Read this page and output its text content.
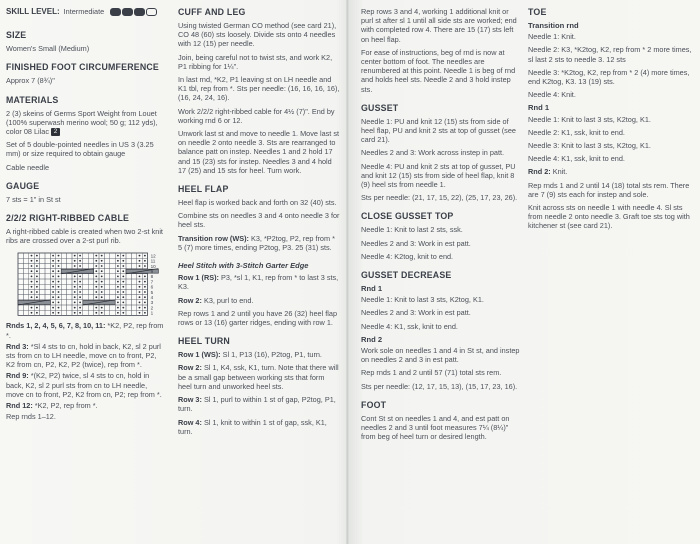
SKILL LEVEL: Intermediate
SIZE

Women's Small (Medium)

FINISHED FOOT CIRCUMFERENCE

Approx 7 (8¾)"

MATERIALS

2 (3) skeins of Germs Sport Weight from Louet (100% superwash merino wool; 50 g; 112 yds), color 08 Lilac 2

Set of 5 double-pointed needles in US 3 (3.25 mm) or size required to obtain gauge

Cable needle

GAUGE

7 sts = 1" in St st

2/2/2 RIGHT-RIBBED CABLE

A right-ribbed cable is created when two 2-st knit ribs are crossed over a 2-st purl rib.

12
11
10
9
8
7
6
5
4
3
2
1

Rnds 1, 2, 4, 5, 6, 7, 8, 10, 11: *K2, P2, rep from *.

Rnd 3: *Sl 4 sts to cn, hold in back, K2, sl 2 purl sts from cn to LH needle, move cn to front, P2, K2 from cn, P2, K2, P2 (twice), rep from *.

Rnd 9: *(K2, P2) twice, sl 4 sts to cn, hold in back, K2, sl 2 purl sts from cn to LH needle, move cn to front, P2, K2 from cn, P2; rep from *.

Rnd 12: *K2, P2, rep from *.

Rep rnds 1–12.

CUFF AND LEG

Using twisted German CO method (see card 21), CO 48 (60) sts loosely. Divide sts onto 4 needles with 12 (15) per needle.

Join, being careful not to twist sts, and work K2, P1 ribbing for 1¼".

In last rnd, *K2, P1 leaving st on LH needle and K1 tbl, rep from *. Sts per needle: (16, 16, 16, 16), (16, 24, 24, 16).

Work 2/2/2 right-ribbed cable for 4½ (7)". End by working rnd 6 or 12.

Unwork last st and move to needle 1. Move last st on needle 2 onto needle 3. Sts are rearranged to balance patt on instep. Needles 1 and 2 hold 17 and 15 (23) sts for instep. Needles 3 and 4 hold 17 (25) and 15 sts for heel. Turn work.

HEEL FLAP

Heel flap is worked back and forth on 32 (40) sts.

Combine sts on needles 3 and 4 onto needle 3 for heel sts.

Transition row (WS): K3, *P2tog, P2, rep from * 5 (7) more times, ending P2tog, P3. 25 (31) sts.

Heel Stitch with 3-Stitch Garter Edge

Row 1 (RS): P3, *sl 1, K1, rep from * to last 3 sts, K3.

Row 2: K3, purl to end.

Rep rows 1 and 2 until you have 26 (32) heel flap rows or 13 (16) garter ridges, ending with row 1.

HEEL TURN

Row 1 (WS): Sl 1, P13 (16), P2tog, P1, turn.

Row 2: Sl 1, K4, ssk, K1, turn. Note that there will be a small gap between working sts that form heel turn and unworked heel sts.

Row 3: Sl 1, purl to within 1 st of gap, P2tog, P1, turn.

Row 4: Sl 1, knit to within 1 st of gap, ssk, K1, turn.

Rep rows 3 and 4, working 1 additional knit or purl st after sl 1 until all side sts are worked; end with completed row 4. There are 15 (17) sts left on heel flap.

For ease of instructions, beg of rnd is now at center bottom of foot. The needles are renumbered at this point. Needle 1 is beg of rnd and holds heel sts. Needle 2 and 3 hold instep sts.

GUSSET

Needle 1: PU and knit 12 (15) sts from side of heel flap, PU and knit 2 sts at top of gusset (see card 21).

Needles 2 and 3: Work across instep in patt.

Needle 4: PU and knit 2 sts at top of gusset, PU and knit 12 (15) sts from side of heel flap, knit 8 (9) heel sts from needle 1.

Sts per needle: (21, 17, 15, 22), (25, 17, 23, 26).

CLOSE GUSSET TOP

Needle 1: Knit to last 2 sts, ssk.

Needles 2 and 3: Work in est patt.

Needle 4: K2tog, knit to end.

GUSSET DECREASE
Rnd 1

Needle 1: Knit to last 3 sts, K2tog, K1.

Needles 2 and 3: Work in est patt.

Needle 4: K1, ssk, knit to end.

Rnd 2

Work sole on needles 1 and 4 in St st, and instep on needles 2 and 3 in est patt.

Rep rnds 1 and 2 until 57 (71) total sts rem.

Sts per needle: (12, 17, 15, 13), (15, 17, 23, 16).

FOOT

Cont St st on needles 1 and 4, and est patt on needles 2 and 3 until foot measures 7¼ (8¼)" from beg of heel turn or desired length.

TOE
Transition rnd

Needle 1: Knit.

Needle 2: K3, *K2tog, K2, rep from * 2 more times, sl last 2 sts to needle 3. 12 sts

Needle 3: *K2tog, K2, rep from * 2 (4) more times, end K2tog, K3. 13 (19) sts.

Needle 4: Knit.

Rnd 1

Needle 1: Knit to last 3 sts, K2tog, K1.

Needle 2: K1, ssk, knit to end.

Needle 3: Knit to last 3 sts, K2tog, K1.

Needle 4: K1, ssk, knit to end.

Rnd 2: Knit.

Rep rnds 1 and 2 until 14 (18) total sts rem. There are 7 (9) sts each for instep and sole.

Knit across sts on needle 1 with needle 4. Sl sts from needle 2 onto needle 3. Graft toe sts tog with kitchener st (see card 21).
